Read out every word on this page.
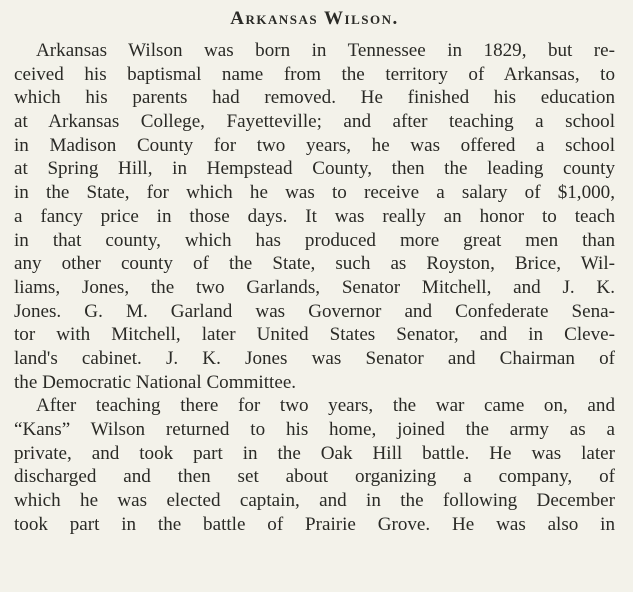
Arkansas Wilson.
Arkansas Wilson was born in Tennessee in 1829, but re-
ceived his baptismal name from the territory of Arkansas, to
which his parents had removed. He finished his education
at Arkansas College, Fayetteville; and after teaching a school
in Madison County for two years, he was offered a school
at Spring Hill, in Hempstead County, then the leading county
in the State, for which he was to receive a salary of $1,000,
a fancy price in those days. It was really an honor to teach
in that county, which has produced more great men than
any other county of the State, such as Royston, Brice, Wil-
liams, Jones, the two Garlands, Senator Mitchell, and J. K.
Jones. G. M. Garland was Governor and Confederate Sena-
tor with Mitchell, later United States Senator, and in Cleve-
land's cabinet. J. K. Jones was Senator and Chairman of
the Democratic National Committee.
After teaching there for two years, the war came on, and
“Kans” Wilson returned to his home, joined the army as a
private, and took part in the Oak Hill battle. He was later
discharged and then set about organizing a company, of
which he was elected captain, and in the following December
took part in the battle of Prairie Grove. He was also in
